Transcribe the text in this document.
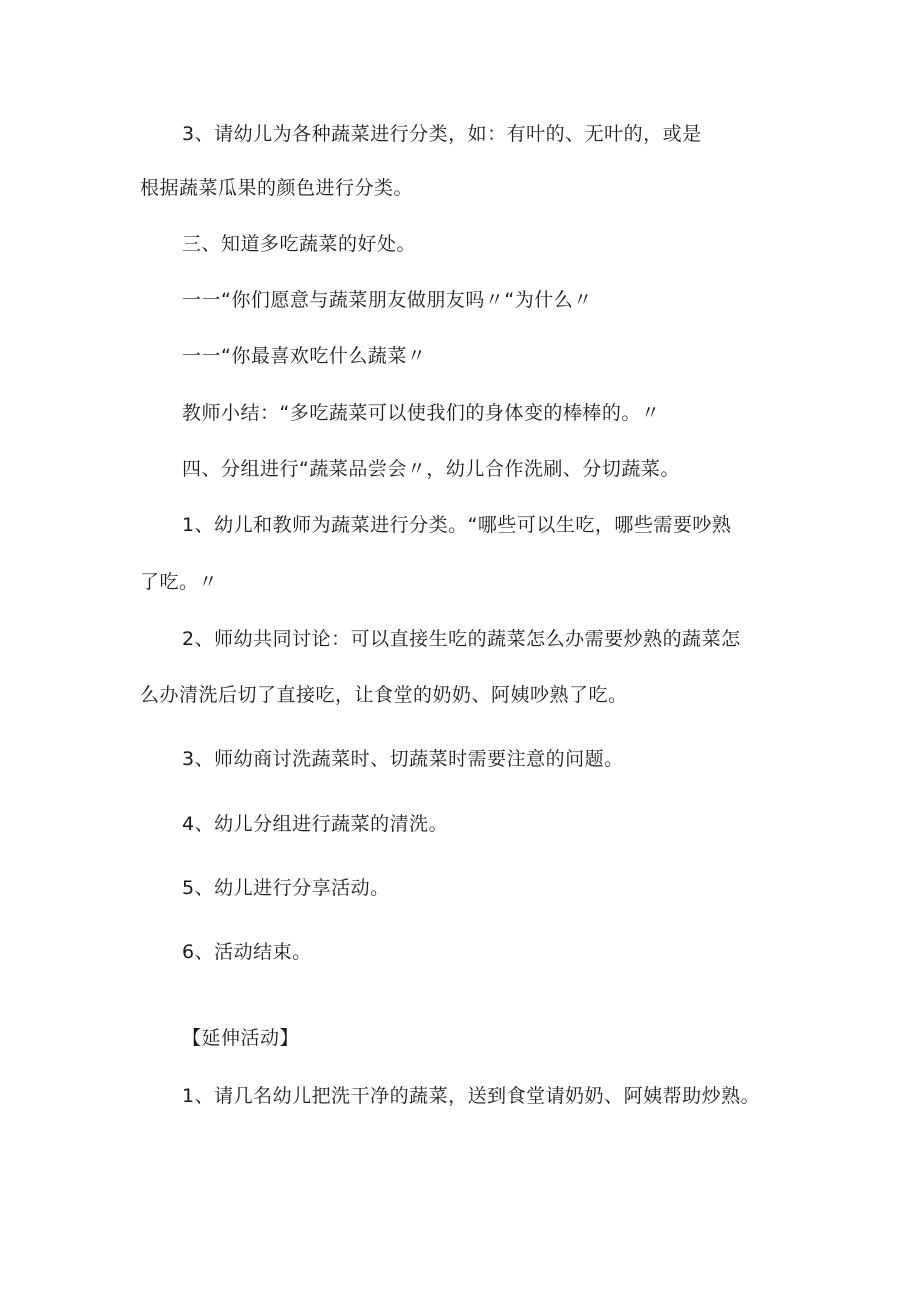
3、请幼儿为各种蔬菜进行分类，如：有叶的、无叶的，或是
根据蔬菜瓜果的颜色进行分类。
三、知道多吃蔬菜的好处。
一一“你们愿意与蔬菜朋友做朋友吗〃“为什么〃
一一“你最喜欢吃什么蔬菜〃
教师小结：“多吃蔬菜可以使我们的身体变的棒棒的。〃
四、分组进行“蔬菜品尝会〃，幼儿合作洗刷、分切蔬菜。
1、幼儿和教师为蔬菜进行分类。“哪些可以生吃，哪些需要吵熟
了吃。〃
2、师幼共同讨论：可以直接生吃的蔬菜怎么办需要炒熟的蔬菜怎
么办清洗后切了直接吃，让食堂的奶奶、阿姨吵熟了吃。
3、师幼商讨洗蔬菜时、切蔬菜时需要注意的问题。
4、幼儿分组进行蔬菜的清洗。
5、幼儿进行分享活动。
6、活动结束。
【延伸活动】
1、请几名幼儿把洗干净的蔬菜，送到食堂请奶奶、阿姨帮助炒熟。
